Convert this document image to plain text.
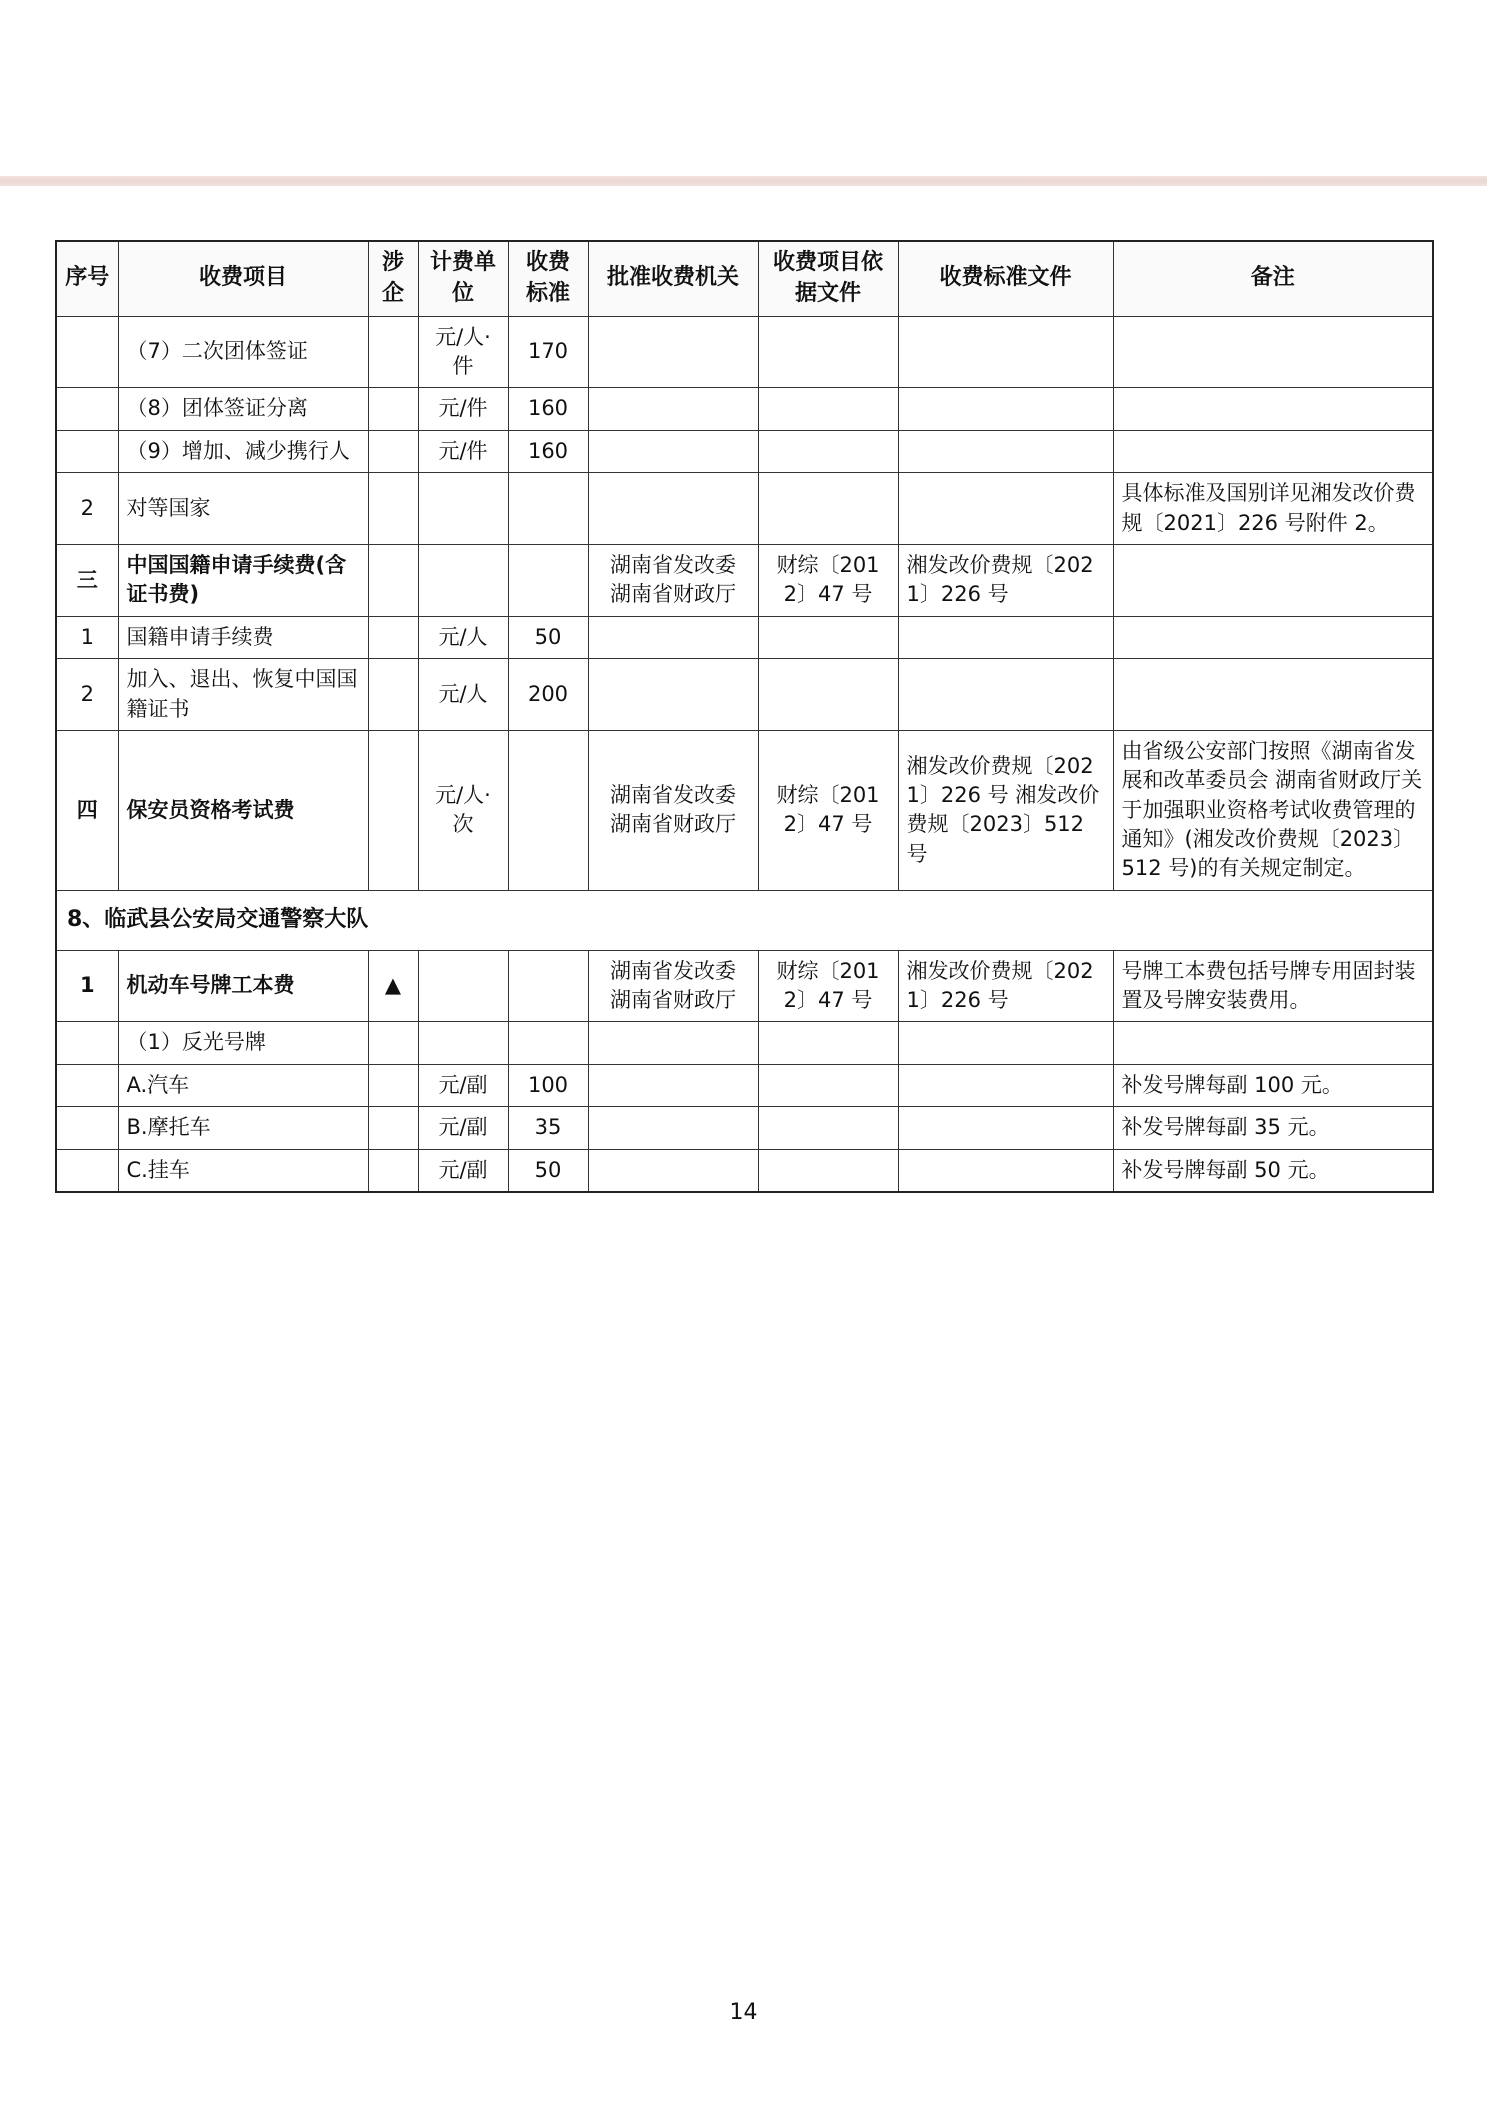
序号	收费项目	涉企	计费单位	收费标准	批准收费机关	收费项目依据文件	收费标准文件	备注
	（7）二次团体签证		元/人·件	170				
	（8）团体签证分离		元/件	160				
	（9）增加、减少携行人		元/件	160				
2	对等国家							具体标准及国别详见湘发改价费规〔2021〕226 号附件 2。
三	中国国籍申请手续费(含证书费)				湖南省发改委 湖南省财政厅	财综〔2012〕47 号	湘发改价费规〔2021〕226 号	
1	国籍申请手续费		元/人	50				
2	加入、退出、恢复中国国籍证书		元/人	200				
四	保安员资格考试费		元/人·次		湖南省发改委 湖南省财政厅	财综〔2012〕47 号	湘发改价费规〔2021〕226 号 湘发改价费规〔2023〕512 号	由省级公安部门按照《湖南省发展和改革委员会 湖南省财政厅关于加强职业资格考试收费管理的通知》(湘发改价费规〔2023〕512 号)的有关规定制定。
8、临武县公安局交通警察大队								
1	机动车号牌工本费	▲			湖南省发改委 湖南省财政厅	财综〔2012〕47 号	湘发改价费规〔2021〕226 号	号牌工本费包括号牌专用固封装置及号牌安装费用。
	（1）反光号牌							
	A.汽车		元/副	100				补发号牌每副 100 元。
	B.摩托车		元/副	35				补发号牌每副 35 元。
	C.挂车		元/副	50				补发号牌每副 50 元。
14
